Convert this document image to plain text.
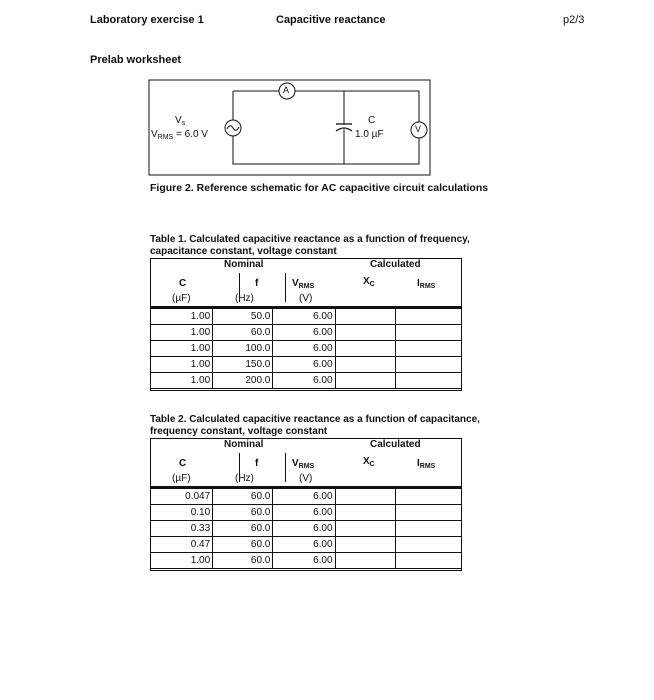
Laboratory exercise 1	Capacitive reactance	p2/3
Prelab worksheet
A
V
$V_s$
$V_{RMS} = 6.0$ V
C
1.0 µF
Figure 2. Reference schematic for AC capacitive circuit calculations
Table 1. Calculated capacitive reactance as a function of frequency,
capacitance constant, voltage constant
Nominal	Calculated
C	f	$V_{RMS}$	$X_C$	$I_{RMS}$
(µF)	(Hz)	(V)
1.00	50.0	6.00		
1.00	60.0	6.00		
1.00	100.0	6.00		
1.00	150.0	6.00		
1.00	200.0	6.00		
Table 2. Calculated capacitive reactance as a function of capacitance,
frequency constant, voltage constant
Nominal	Calculated
C	f	$V_{RMS}$	$X_C$	$I_{RMS}$
(µF)	(Hz)	(V)
0.047	60.0	6.00		
0.10	60.0	6.00		
0.33	60.0	6.00		
0.47	60.0	6.00		
1.00	60.0	6.00		
